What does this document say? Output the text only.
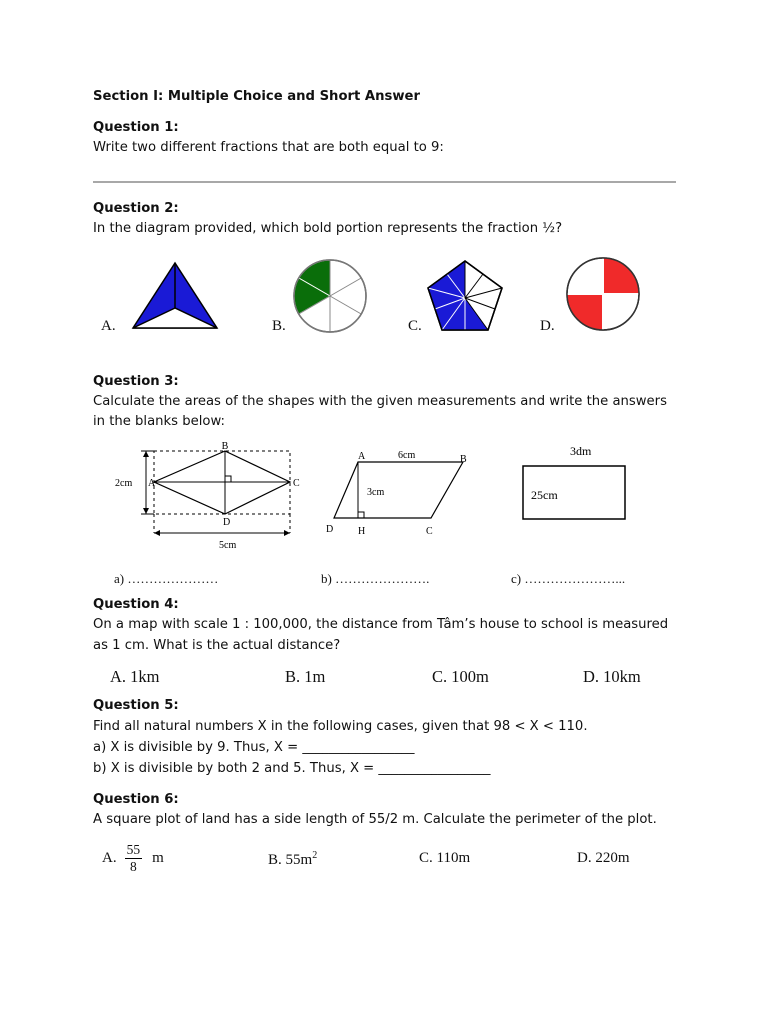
Section I: Multiple Choice and Short Answer
Question 1:
Write two different fractions that are both equal to 9:
Question 2:
In the diagram provided, which bold portion represents the fraction ½?
A.	B.	C.	D.
Question 3:
Calculate the areas of the shapes with the given measurements and write the answers
in the blanks below:
B
A	C
D
2cm
5cm
A	B
C
D H
6cm
3cm
3dm
25cm
a) …………………	b) ………………….	c) …………………...
Question 4:
On a map with scale 1 : 100,000, the distance from Tâm’s house to school is measured
as 1 cm. What is the actual distance?
A. 1km	B. 1m	C. 100m	D. 10km
Question 5:
Find all natural numbers X in the following cases, given that 98 < X < 110.
a) X is divisible by 9. Thus, X = _________________
b) X is divisible by both 2 and 5. Thus, X = _________________
Question 6:
A square plot of land has a side length of 55/2 m. Calculate the perimeter of the plot.
A. $\frac{55}{8}$ m	B. $55m^2$	C. 110m	D. 220m
